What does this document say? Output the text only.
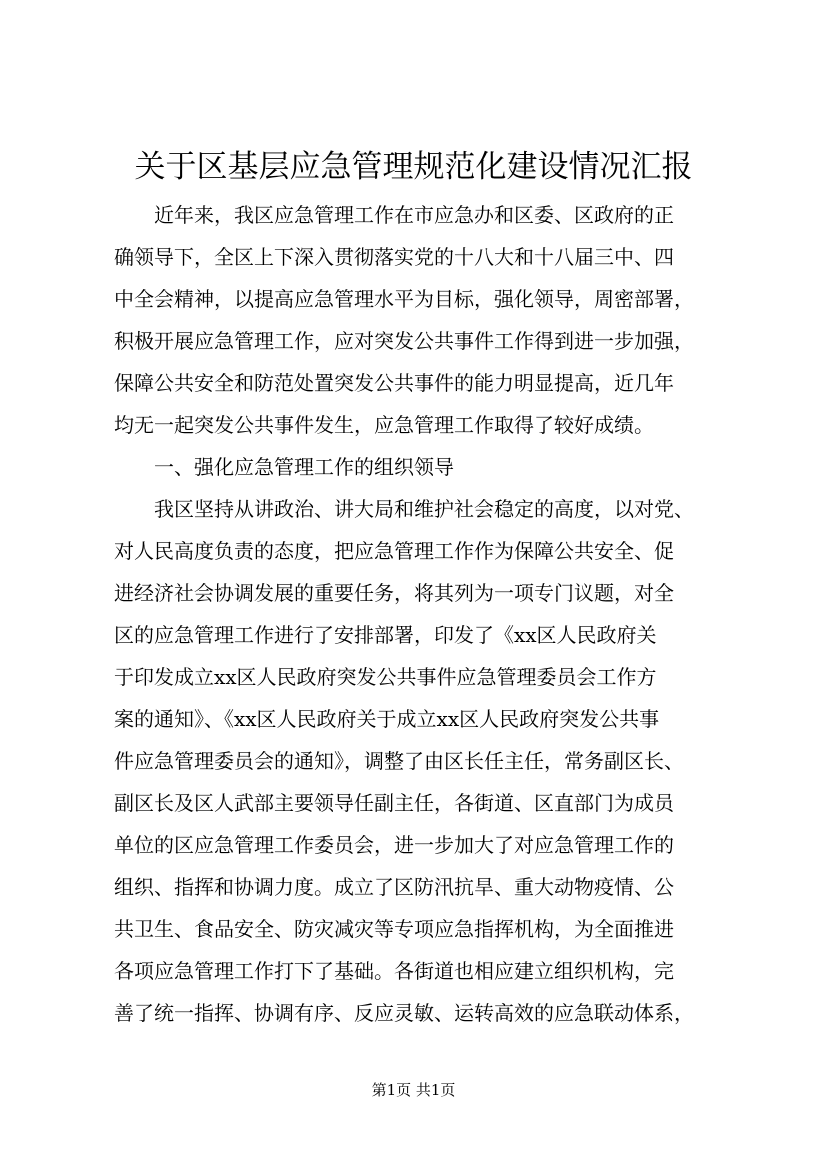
关于区基层应急管理规范化建设情况汇报
近年来，我区应急管理工作在市应急办和区委、区政府的正
确领导下，全区上下深入贯彻落实党的十八大和十八届三中、四
中全会精神，以提高应急管理水平为目标，强化领导，周密部署，
积极开展应急管理工作，应对突发公共事件工作得到进一步加强，
保障公共安全和防范处置突发公共事件的能力明显提高，近几年
均无一起突发公共事件发生，应急管理工作取得了较好成绩。
一、强化应急管理工作的组织领导
我区坚持从讲政治、讲大局和维护社会稳定的高度，以对党、
对人民高度负责的态度，把应急管理工作作为保障公共安全、促
进经济社会协调发展的重要任务，将其列为一项专门议题，对全
区的应急管理工作进行了安排部署，印发了《xx区人民政府关
于印发成立xx区人民政府突发公共事件应急管理委员会工作方
案的通知》、《xx区人民政府关于成立xx区人民政府突发公共事
件应急管理委员会的通知》，调整了由区长任主任，常务副区长、
副区长及区人武部主要领导任副主任，各街道、区直部门为成员
单位的区应急管理工作委员会，进一步加大了对应急管理工作的
组织、指挥和协调力度。成立了区防汛抗旱、重大动物疫情、公
共卫生、食品安全、防灾减灾等专项应急指挥机构，为全面推进
各项应急管理工作打下了基础。各街道也相应建立组织机构，完
善了统一指挥、协调有序、反应灵敏、运转高效的应急联动体系，
第1页 共1页
